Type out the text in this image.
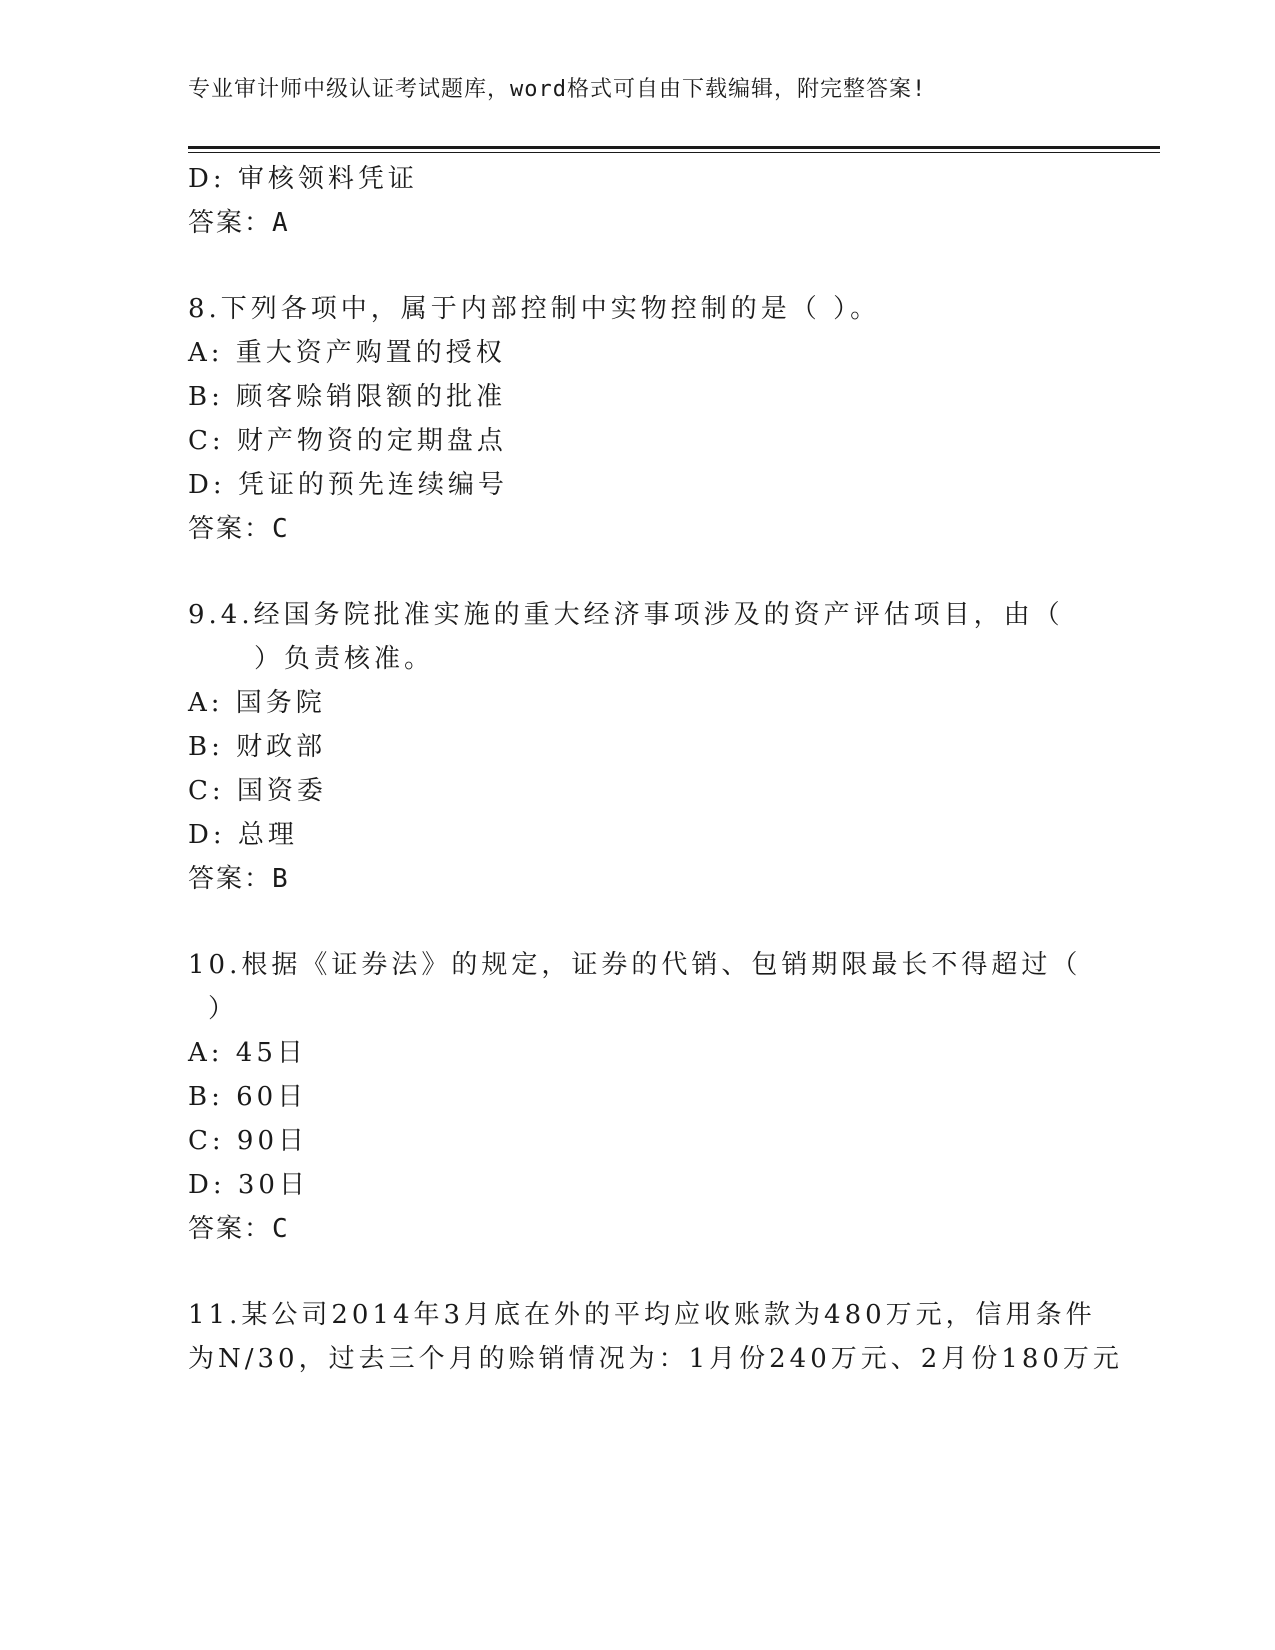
专业审计师中级认证考试题库，word格式可自由下载编辑，附完整答案!
D: 审核领料凭证
答案：A
8.下列各项中，属于内部控制中实物控制的是（ ）。
A: 重大资产购置的授权
B: 顾客赊销限额的批准
C: 财产物资的定期盘点
D: 凭证的预先连续编号
答案：C
9.4.经国务院批准实施的重大经济事项涉及的资产评估项目，由（
）负责核准。
A: 国务院
B: 财政部
C: 国资委
D: 总理
答案：B
10.根据《证券法》的规定，证券的代销、包销期限最长不得超过（
）
A: 45日
B: 60日
C: 90日
D: 30日
答案：C
11.某公司2014年3月底在外的平均应收账款为480万元，信用条件
为N/30，过去三个月的赊销情况为：1月份240万元、2月份180万元
